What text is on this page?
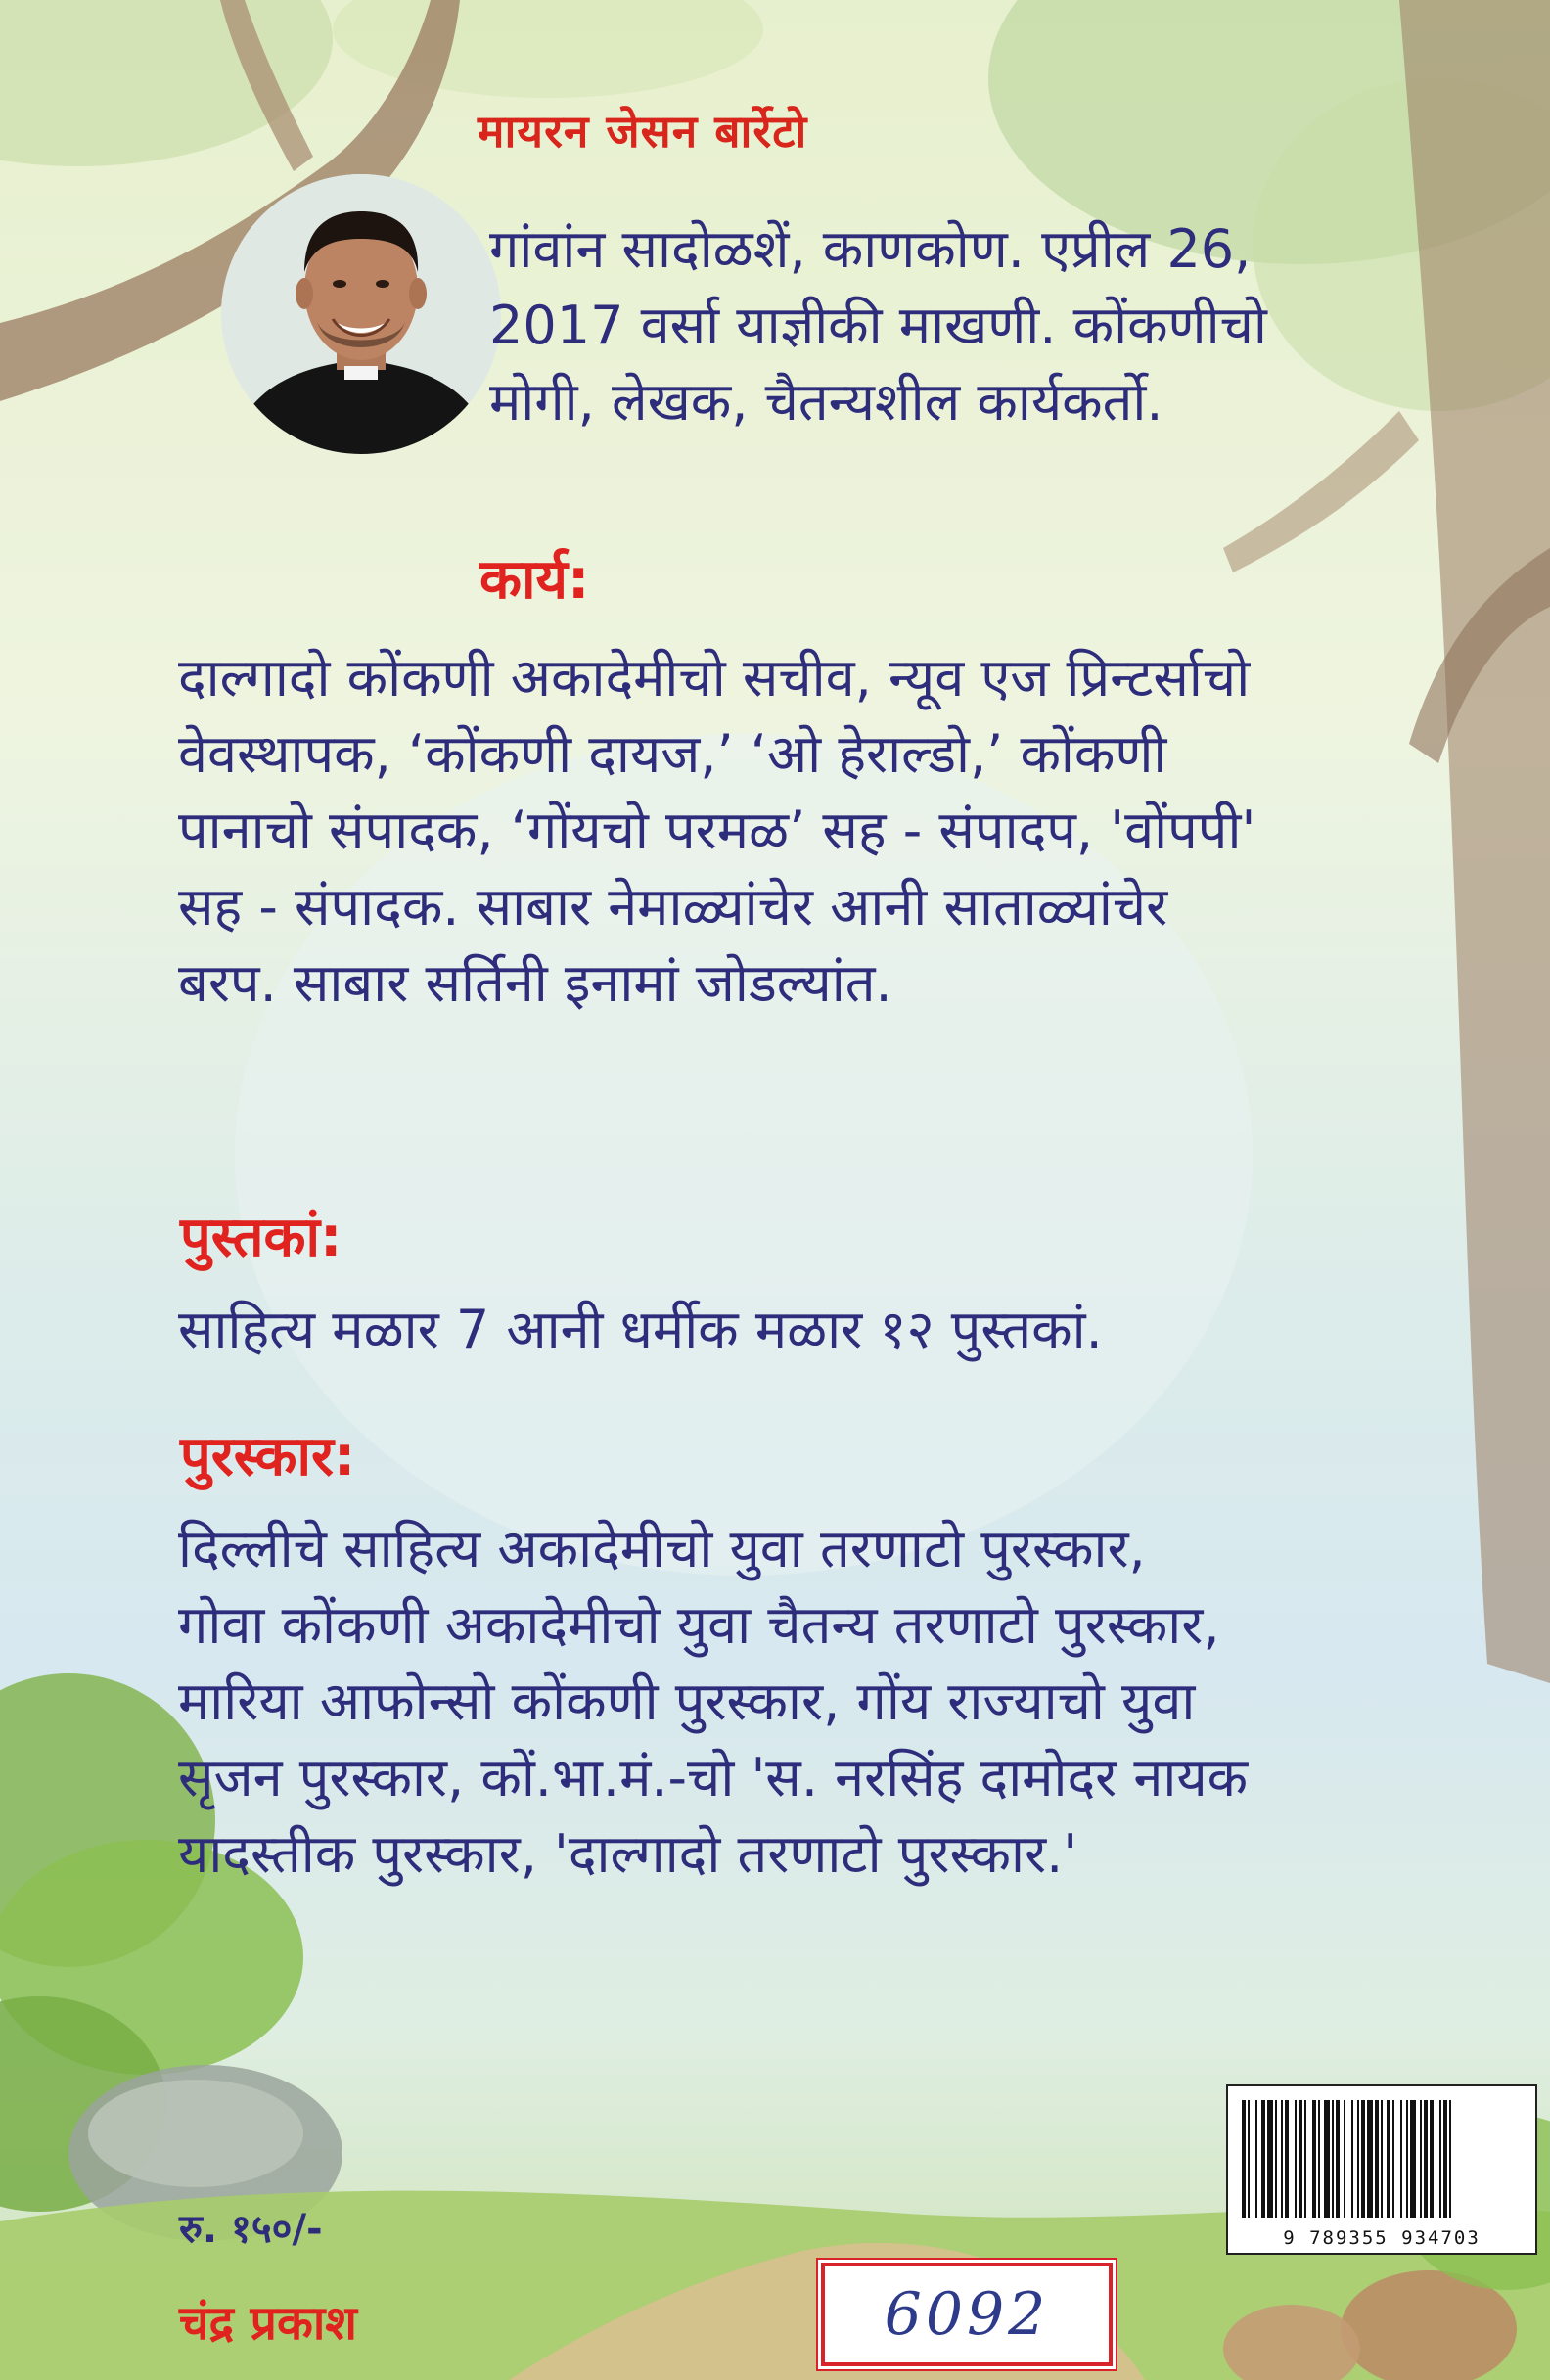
मायरन जेसन बार्रेटो
गांवांन सादोळशें, काणकोण. एप्रील 26,
2017 वर्सा याज्ञीकी माखणी. कोंकणीचो
मोगी, लेखक, चैतन्यशील कार्यकर्तो.
कार्य:
दाल्गादो कोंकणी अकादेमीचो सचीव, न्यूव एज प्रिन्टर्साचो
वेवस्थापक, ‘कोंकणी दायज,’ ‘ओ हेराल्डो,’ कोंकणी
पानाचो संपादक, ‘गोंयचो परमळ’ सह - संपादप, 'वोंपपी'
सह - संपादक. साबार नेमाळ्यांचेर आनी साताळ्यांचेर
बरप. साबार सर्तिनी इनामां जोडल्यांत.
पुस्तकां:
साहित्य मळार 7 आनी धर्मीक मळार १२ पुस्तकां.
पुरस्कार:
दिल्लीचे साहित्य अकादेमीचो युवा तरणाटो पुरस्कार,
गोवा कोंकणी अकादेमीचो युवा चैतन्य तरणाटो पुरस्कार,
मारिया आफोन्सो कोंकणी पुरस्कार, गोंय राज्याचो युवा
सृजन पुरस्कार, कों.भा.मं.-चो 'स. नरसिंह दामोदर नायक
यादस्तीक पुरस्कार, 'दाल्गादो तरणाटो पुरस्कार.'
रु. १५०/-
चंद्र प्रकाश
9 789355 934703
6092
